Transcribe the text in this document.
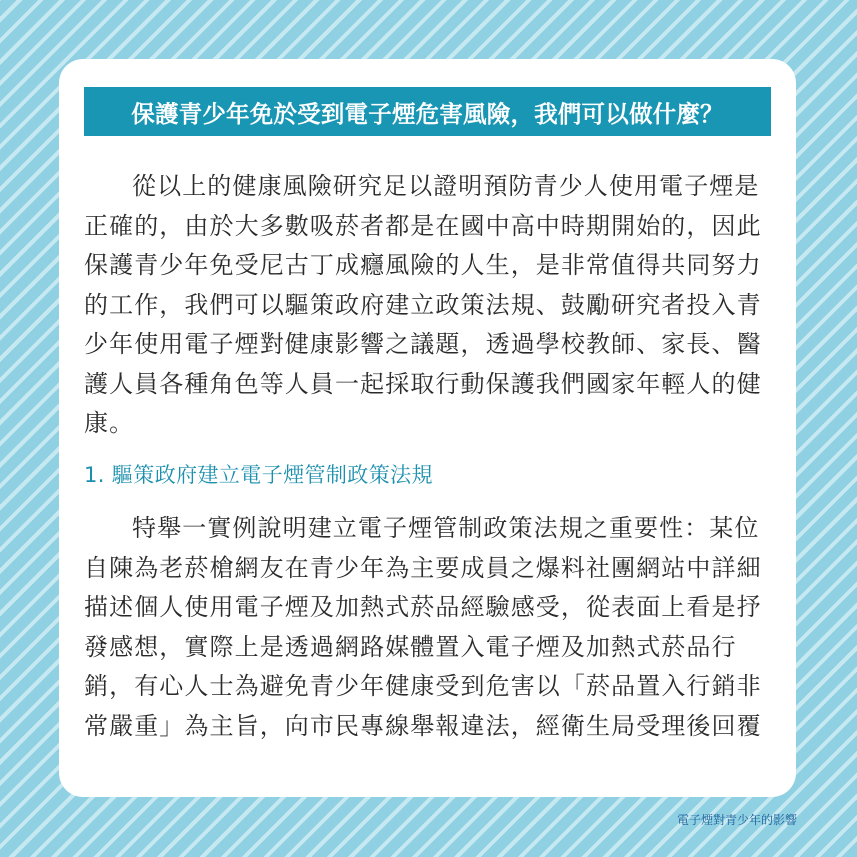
保護青少年免於受到電子煙危害風險，我們可以做什麼？

從以上的健康風險研究足以證明預防青少人使用電子煙是正確的，由於大多數吸菸者都是在國中高中時期開始的，因此保護青少年免受尼古丁成癮風險的人生，是非常值得共同努力的工作，我們可以驅策政府建立政策法規、鼓勵研究者投入青少年使用電子煙對健康影響之議題，透過學校教師、家長、醫護人員各種角色等人員一起採取行動保護我們國家年輕人的健康。

1. 驅策政府建立電子煙管制政策法規

特舉一實例說明建立電子煙管制政策法規之重要性：某位自陳為老菸槍網友在青少年為主要成員之爆料社團網站中詳細描述個人使用電子煙及加熱式菸品經驗感受，從表面上看是抒發感想，實際上是透過網路媒體置入電子煙及加熱式菸品行銷，有心人士為避免青少年健康受到危害以「菸品置入行銷非常嚴重」為主旨，向市民專線舉報違法，經衛生局受理後回覆

電子煙對青少年的影響
